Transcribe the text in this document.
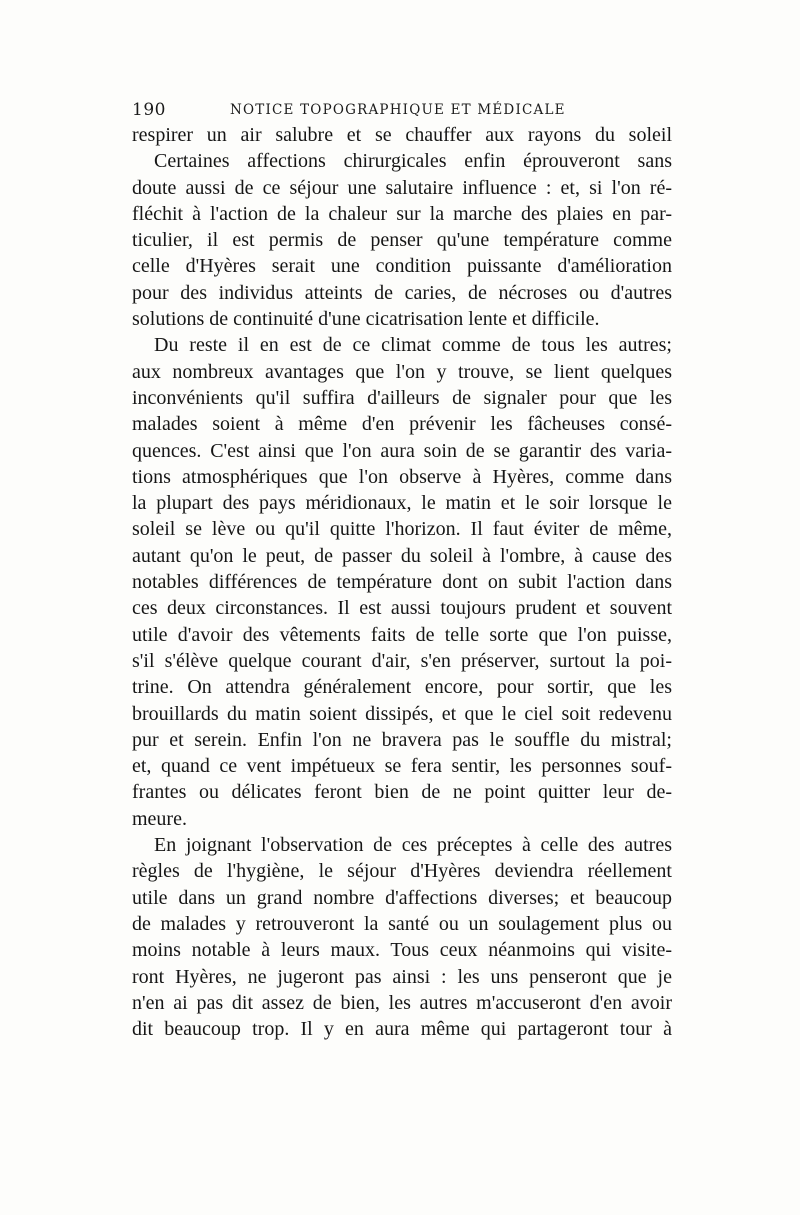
190	NOTICE TOPOGRAPHIQUE ET MÉDICALE
respirer un air salubre et se chauffer aux rayons du soleil
Certaines affections chirurgicales enfin éprouveront sans
doute aussi de ce séjour une salutaire influence : et, si l'on ré-
fléchit à l'action de la chaleur sur la marche des plaies en par-
ticulier, il est permis de penser qu'une température comme
celle d'Hyères serait une condition puissante d'amélioration
pour des individus atteints de caries, de nécroses ou d'autres
solutions de continuité d'une cicatrisation lente et difficile.
Du reste il en est de ce climat comme de tous les autres;
aux nombreux avantages que l'on y trouve, se lient quelques
inconvénients qu'il suffira d'ailleurs de signaler pour que les
malades soient à même d'en prévenir les fâcheuses consé-
quences. C'est ainsi que l'on aura soin de se garantir des varia-
tions atmosphériques que l'on observe à Hyères, comme dans
la plupart des pays méridionaux, le matin et le soir lorsque le
soleil se lève ou qu'il quitte l'horizon. Il faut éviter de même,
autant qu'on le peut, de passer du soleil à l'ombre, à cause des
notables différences de température dont on subit l'action dans
ces deux circonstances. Il est aussi toujours prudent et souvent
utile d'avoir des vêtements faits de telle sorte que l'on puisse,
s'il s'élève quelque courant d'air, s'en préserver, surtout la poi-
trine. On attendra généralement encore, pour sortir, que les
brouillards du matin soient dissipés, et que le ciel soit redevenu
pur et serein. Enfin l'on ne bravera pas le souffle du mistral;
et, quand ce vent impétueux se fera sentir, les personnes souf-
frantes ou délicates feront bien de ne point quitter leur de-
meure.
En joignant l'observation de ces préceptes à celle des autres
règles de l'hygiène, le séjour d'Hyères deviendra réellement
utile dans un grand nombre d'affections diverses; et beaucoup
de malades y retrouveront la santé ou un soulagement plus ou
moins notable à leurs maux. Tous ceux néanmoins qui visite-
ront Hyères, ne jugeront pas ainsi : les uns penseront que je
n'en ai pas dit assez de bien, les autres m'accuseront d'en avoir
dit beaucoup trop. Il y en aura même qui partageront tour à
